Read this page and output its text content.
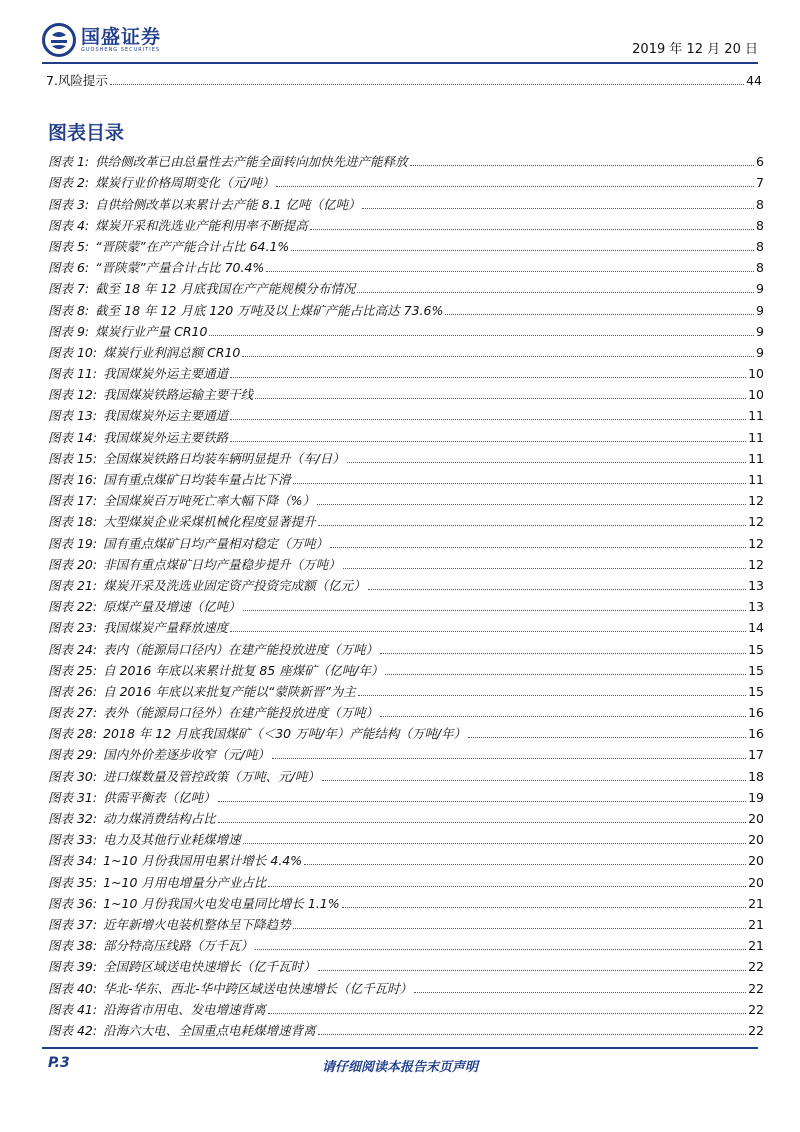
国盛证券
GUOSHENG SECURITIES	2019 年 12 月 20 日
7.风险提示	44
图表目录
图表 1: 供给侧改革已由总量性去产能全面转向加快先进产能释放	6
图表 2: 煤炭行业价格周期变化（元/吨）	7
图表 3: 自供给侧改革以来累计去产能 8.1 亿吨（亿吨）	8
图表 4: 煤炭开采和洗选业产能利用率不断提高	8
图表 5: “晋陕蒙”在产产能合计占比 64.1%	8
图表 6: “晋陕蒙”产量合计占比 70.4%	8
图表 7: 截至 18 年 12 月底我国在产产能规模分布情况	9
图表 8: 截至 18 年 12 月底 120 万吨及以上煤矿产能占比高达 73.6%	9
图表 9: 煤炭行业产量 CR10	9
图表 10: 煤炭行业利润总额 CR10	9
图表 11: 我国煤炭外运主要通道	10
图表 12: 我国煤炭铁路运输主要干线	10
图表 13: 我国煤炭外运主要通道	11
图表 14: 我国煤炭外运主要铁路	11
图表 15: 全国煤炭铁路日均装车辆明显提升（车/日）	11
图表 16: 国有重点煤矿日均装车量占比下滑	11
图表 17: 全国煤炭百万吨死亡率大幅下降（%）	12
图表 18: 大型煤炭企业采煤机械化程度显著提升	12
图表 19: 国有重点煤矿日均产量相对稳定（万吨）	12
图表 20: 非国有重点煤矿日均产量稳步提升（万吨）	12
图表 21: 煤炭开采及洗选业固定资产投资完成额（亿元）	13
图表 22: 原煤产量及增速（亿吨）	13
图表 23: 我国煤炭产量释放速度	14
图表 24: 表内（能源局口径内）在建产能投放进度（万吨）	15
图表 25: 自 2016 年底以来累计批复 85 座煤矿（亿吨/年）	15
图表 26: 自 2016 年底以来批复产能以“蒙陕新晋”为主	15
图表 27: 表外（能源局口径外）在建产能投放进度（万吨）	16
图表 28: 2018 年 12 月底我国煤矿（＜30 万吨/年）产能结构（万吨/年）	16
图表 29: 国内外价差逐步收窄（元/吨）	17
图表 30: 进口煤数量及管控政策（万吨、元/吨）	18
图表 31: 供需平衡表（亿吨）	19
图表 32: 动力煤消费结构占比	20
图表 33: 电力及其他行业耗煤增速	20
图表 34: 1~10 月份我国用电累计增长 4.4%	20
图表 35: 1~10 月用电增量分产业占比	20
图表 36: 1~10 月份我国火电发电量同比增长 1.1%	21
图表 37: 近年新增火电装机整体呈下降趋势	21
图表 38: 部分特高压线路（万千瓦）	21
图表 39: 全国跨区域送电快速增长（亿千瓦时）	22
图表 40: 华北-华东、西北-华中跨区域送电快速增长（亿千瓦时）	22
图表 41: 沿海省市用电、发电增速背离	22
图表 42: 沿海六大电、全国重点电耗煤增速背离	22
P.3	请仔细阅读本报告末页声明
